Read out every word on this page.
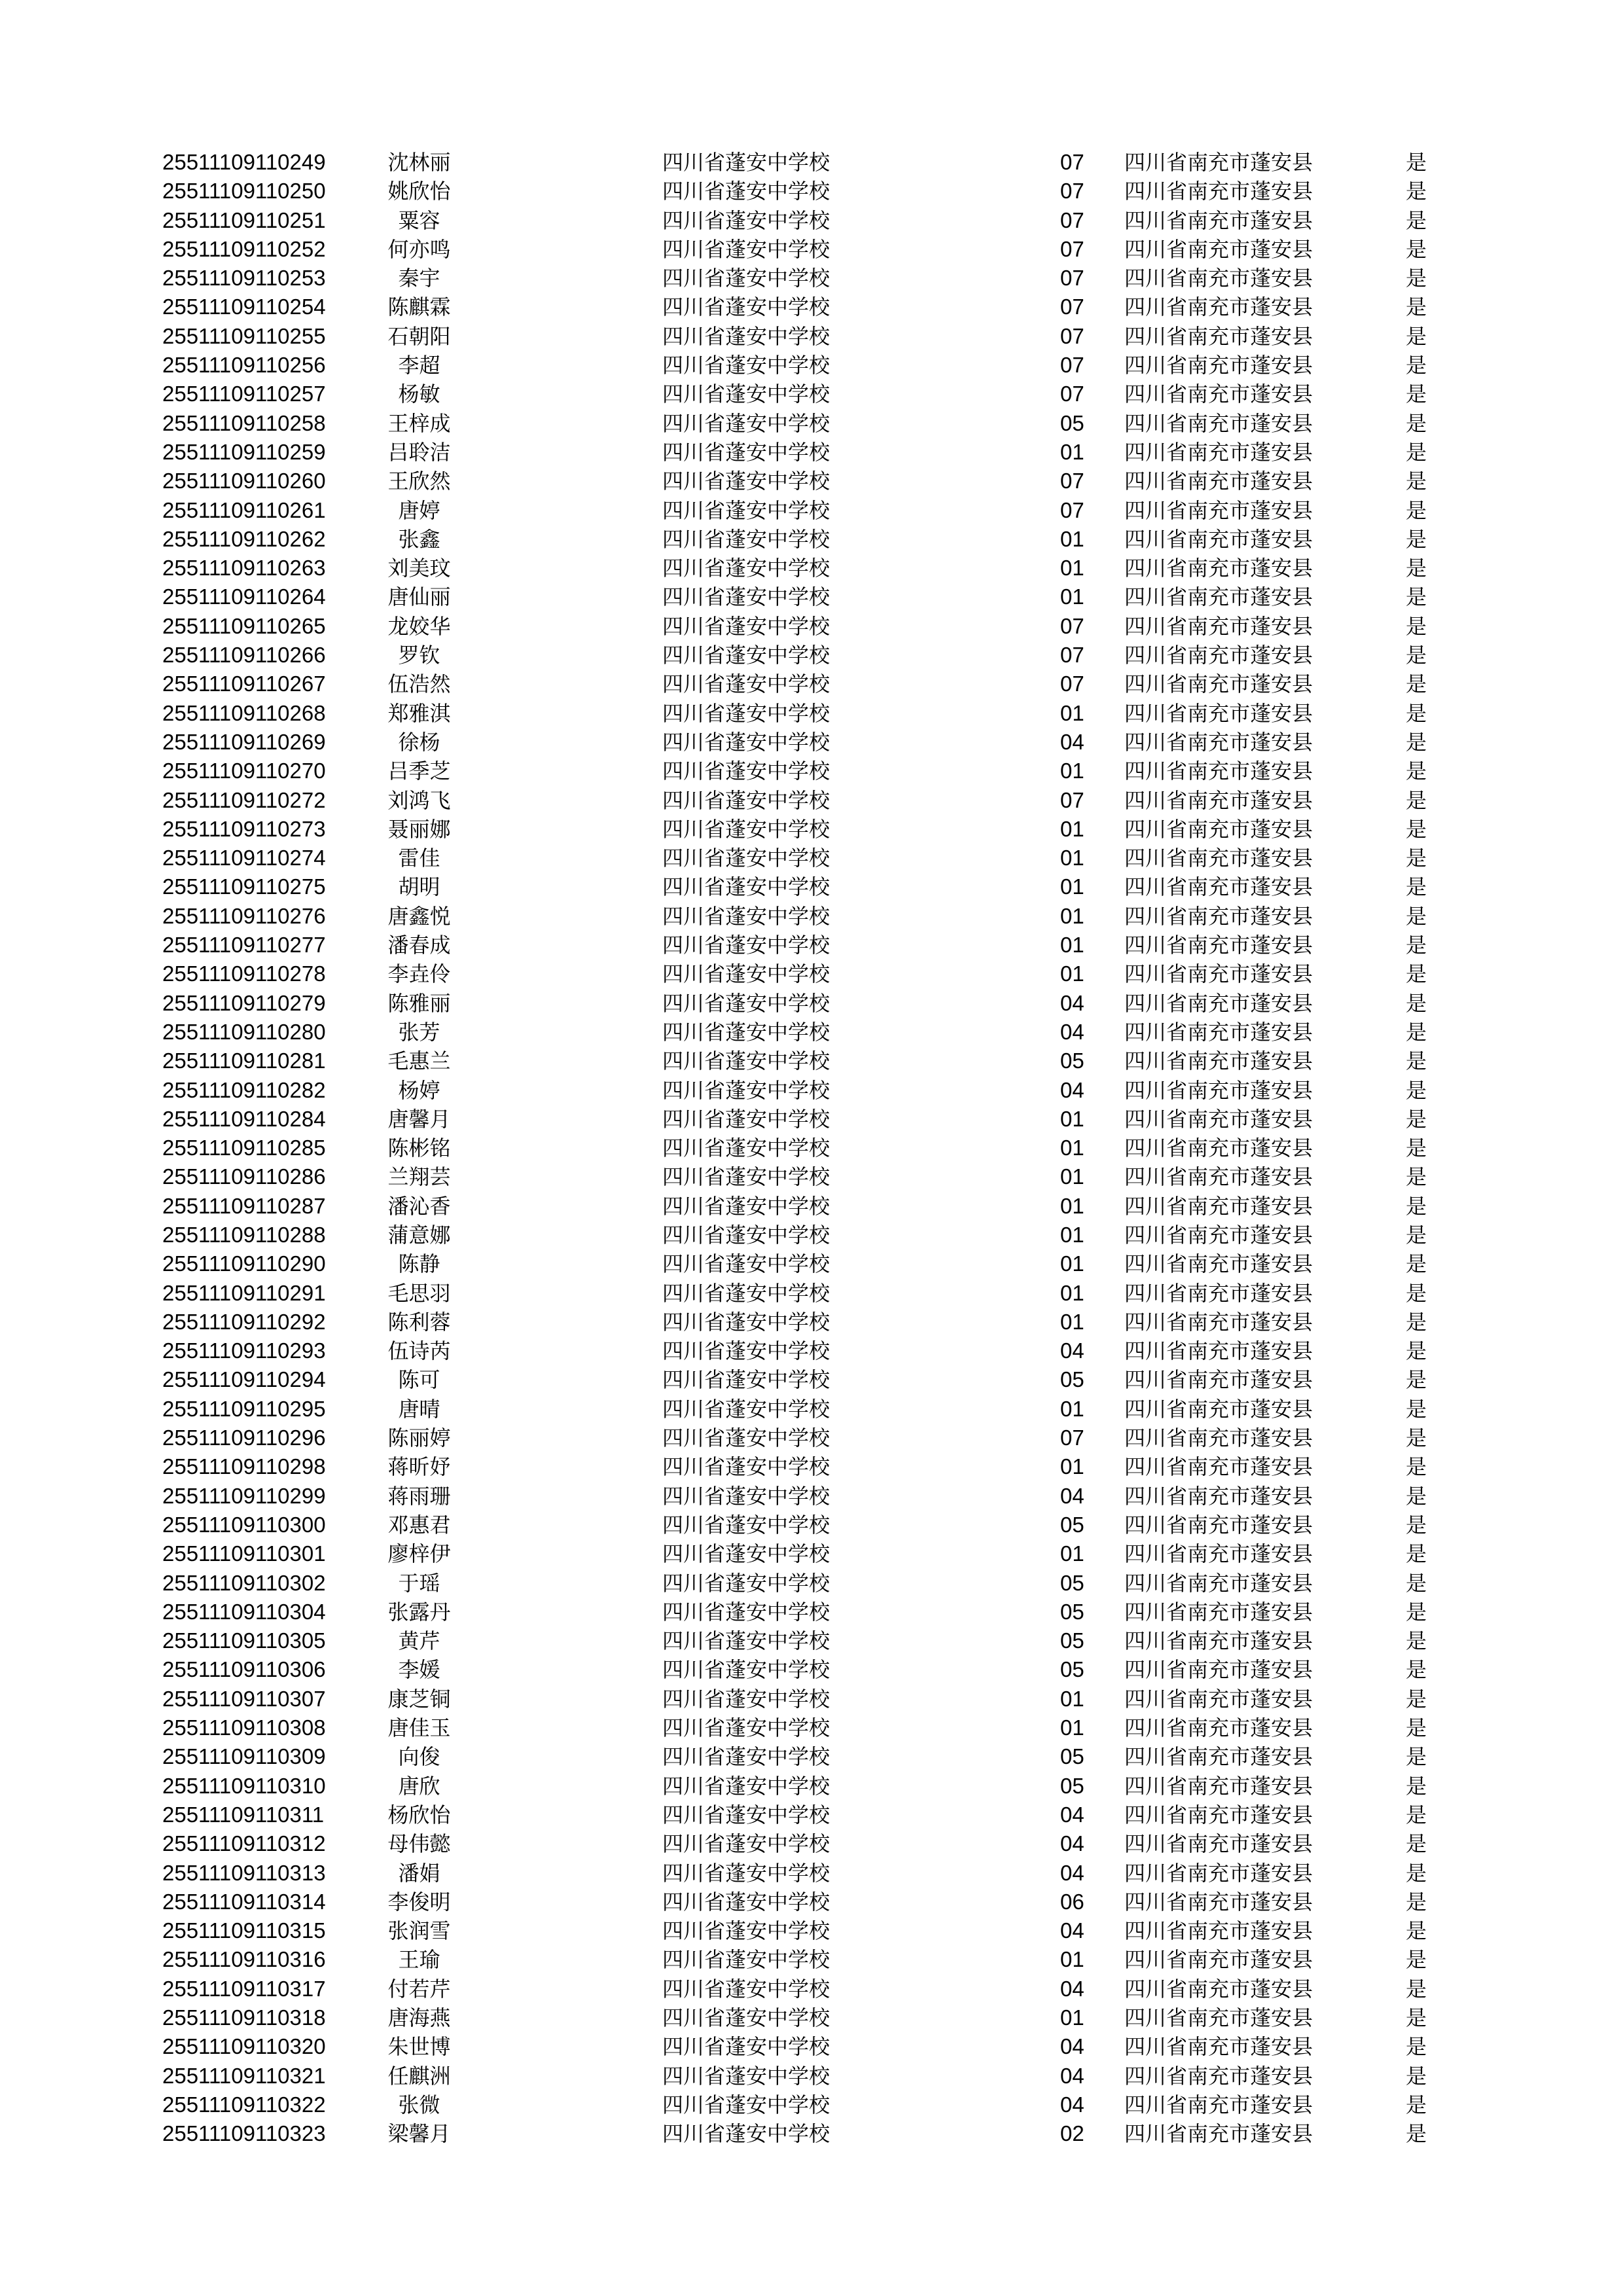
25511109110249	沈林丽	四川省蓬安中学校	07 四川省南充市蓬安县	是
25511109110250	姚欣怡	四川省蓬安中学校	07 四川省南充市蓬安县	是
25511109110251	粟容	四川省蓬安中学校	07 四川省南充市蓬安县	是
25511109110252	何亦鸣	四川省蓬安中学校	07 四川省南充市蓬安县	是
25511109110253	秦宇	四川省蓬安中学校	07 四川省南充市蓬安县	是
25511109110254	陈麒霖	四川省蓬安中学校	07 四川省南充市蓬安县	是
25511109110255	石朝阳	四川省蓬安中学校	07 四川省南充市蓬安县	是
25511109110256	李超	四川省蓬安中学校	07 四川省南充市蓬安县	是
25511109110257	杨敏	四川省蓬安中学校	07 四川省南充市蓬安县	是
25511109110258	王梓成	四川省蓬安中学校	05 四川省南充市蓬安县	是
25511109110259	吕聆洁	四川省蓬安中学校	01 四川省南充市蓬安县	是
25511109110260	王欣然	四川省蓬安中学校	07 四川省南充市蓬安县	是
25511109110261	唐婷	四川省蓬安中学校	07 四川省南充市蓬安县	是
25511109110262	张鑫	四川省蓬安中学校	01 四川省南充市蓬安县	是
25511109110263	刘美玟	四川省蓬安中学校	01 四川省南充市蓬安县	是
25511109110264	唐仙丽	四川省蓬安中学校	01 四川省南充市蓬安县	是
25511109110265	龙姣华	四川省蓬安中学校	07 四川省南充市蓬安县	是
25511109110266	罗钦	四川省蓬安中学校	07 四川省南充市蓬安县	是
25511109110267	伍浩然	四川省蓬安中学校	07 四川省南充市蓬安县	是
25511109110268	郑雅淇	四川省蓬安中学校	01 四川省南充市蓬安县	是
25511109110269	徐杨	四川省蓬安中学校	04 四川省南充市蓬安县	是
25511109110270	吕季芝	四川省蓬安中学校	01 四川省南充市蓬安县	是
25511109110272	刘鸿飞	四川省蓬安中学校	07 四川省南充市蓬安县	是
25511109110273	聂丽娜	四川省蓬安中学校	01 四川省南充市蓬安县	是
25511109110274	雷佳	四川省蓬安中学校	01 四川省南充市蓬安县	是
25511109110275	胡明	四川省蓬安中学校	01 四川省南充市蓬安县	是
25511109110276	唐鑫悦	四川省蓬安中学校	01 四川省南充市蓬安县	是
25511109110277	潘春成	四川省蓬安中学校	01 四川省南充市蓬安县	是
25511109110278	李垚伶	四川省蓬安中学校	01 四川省南充市蓬安县	是
25511109110279	陈雅丽	四川省蓬安中学校	04 四川省南充市蓬安县	是
25511109110280	张芳	四川省蓬安中学校	04 四川省南充市蓬安县	是
25511109110281	毛惠兰	四川省蓬安中学校	05 四川省南充市蓬安县	是
25511109110282	杨婷	四川省蓬安中学校	04 四川省南充市蓬安县	是
25511109110284	唐馨月	四川省蓬安中学校	01 四川省南充市蓬安县	是
25511109110285	陈彬铭	四川省蓬安中学校	01 四川省南充市蓬安县	是
25511109110286	兰翔芸	四川省蓬安中学校	01 四川省南充市蓬安县	是
25511109110287	潘沁香	四川省蓬安中学校	01 四川省南充市蓬安县	是
25511109110288	蒲意娜	四川省蓬安中学校	01 四川省南充市蓬安县	是
25511109110290	陈静	四川省蓬安中学校	01 四川省南充市蓬安县	是
25511109110291	毛思羽	四川省蓬安中学校	01 四川省南充市蓬安县	是
25511109110292	陈利蓉	四川省蓬安中学校	01 四川省南充市蓬安县	是
25511109110293	伍诗芮	四川省蓬安中学校	04 四川省南充市蓬安县	是
25511109110294	陈可	四川省蓬安中学校	05 四川省南充市蓬安县	是
25511109110295	唐晴	四川省蓬安中学校	01 四川省南充市蓬安县	是
25511109110296	陈丽婷	四川省蓬安中学校	07 四川省南充市蓬安县	是
25511109110298	蒋昕妤	四川省蓬安中学校	01 四川省南充市蓬安县	是
25511109110299	蒋雨珊	四川省蓬安中学校	04 四川省南充市蓬安县	是
25511109110300	邓惠君	四川省蓬安中学校	05 四川省南充市蓬安县	是
25511109110301	廖梓伊	四川省蓬安中学校	01 四川省南充市蓬安县	是
25511109110302	于瑶	四川省蓬安中学校	05 四川省南充市蓬安县	是
25511109110304	张露丹	四川省蓬安中学校	05 四川省南充市蓬安县	是
25511109110305	黄芹	四川省蓬安中学校	05 四川省南充市蓬安县	是
25511109110306	李媛	四川省蓬安中学校	05 四川省南充市蓬安县	是
25511109110307	康芝铜	四川省蓬安中学校	01 四川省南充市蓬安县	是
25511109110308	唐佳玉	四川省蓬安中学校	01 四川省南充市蓬安县	是
25511109110309	向俊	四川省蓬安中学校	05 四川省南充市蓬安县	是
25511109110310	唐欣	四川省蓬安中学校	05 四川省南充市蓬安县	是
25511109110311	杨欣怡	四川省蓬安中学校	04 四川省南充市蓬安县	是
25511109110312	母伟懿	四川省蓬安中学校	04 四川省南充市蓬安县	是
25511109110313	潘娟	四川省蓬安中学校	04 四川省南充市蓬安县	是
25511109110314	李俊明	四川省蓬安中学校	06 四川省南充市蓬安县	是
25511109110315	张润雪	四川省蓬安中学校	04 四川省南充市蓬安县	是
25511109110316	王瑜	四川省蓬安中学校	01 四川省南充市蓬安县	是
25511109110317	付若芹	四川省蓬安中学校	04 四川省南充市蓬安县	是
25511109110318	唐海燕	四川省蓬安中学校	01 四川省南充市蓬安县	是
25511109110320	朱世博	四川省蓬安中学校	04 四川省南充市蓬安县	是
25511109110321	任麒洲	四川省蓬安中学校	04 四川省南充市蓬安县	是
25511109110322	张微	四川省蓬安中学校	04 四川省南充市蓬安县	是
25511109110323	梁馨月	四川省蓬安中学校	02 四川省南充市蓬安县	是
